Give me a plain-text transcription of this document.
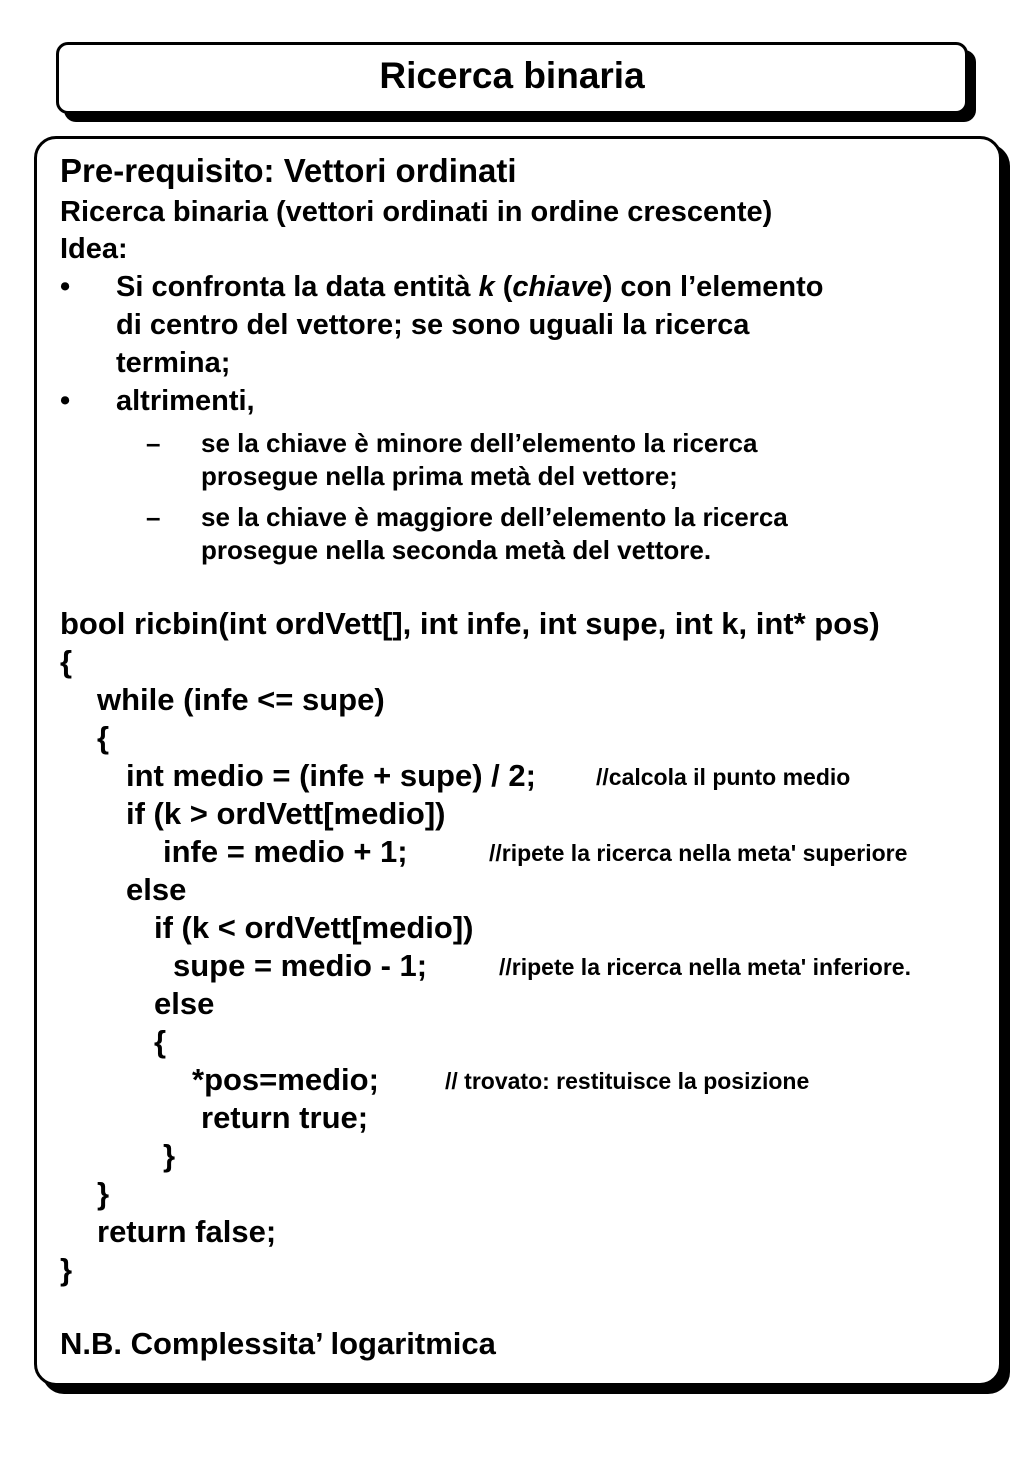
Ricerca binaria
Pre-requisito: Vettori ordinati
Ricerca binaria (vettori ordinati in ordine crescente)
Idea:
• Si confronta la data entità k (chiave) con l’elemento
di centro del vettore; se sono uguali la ricerca
termina;
• altrimenti,
– se la chiave è minore dell’elemento la ricerca
prosegue nella prima metà del vettore;
– se la chiave è maggiore dell’elemento la ricerca
prosegue nella seconda metà del vettore.
bool ricbin(int ordVett[], int infe, int supe, int k, int* pos)
{
while (infe <= supe)
{
int medio = (infe + supe) / 2;	//calcola il punto medio
if (k > ordVett[medio])
infe = medio + 1;	//ripete la ricerca nella meta' superiore
else
if (k < ordVett[medio])
supe = medio - 1;	//ripete la ricerca nella meta' inferiore.
else
{
*pos=medio;	// trovato: restituisce la posizione
return true;
}
}
return false;
}
N.B. Complessita’ logaritmica
